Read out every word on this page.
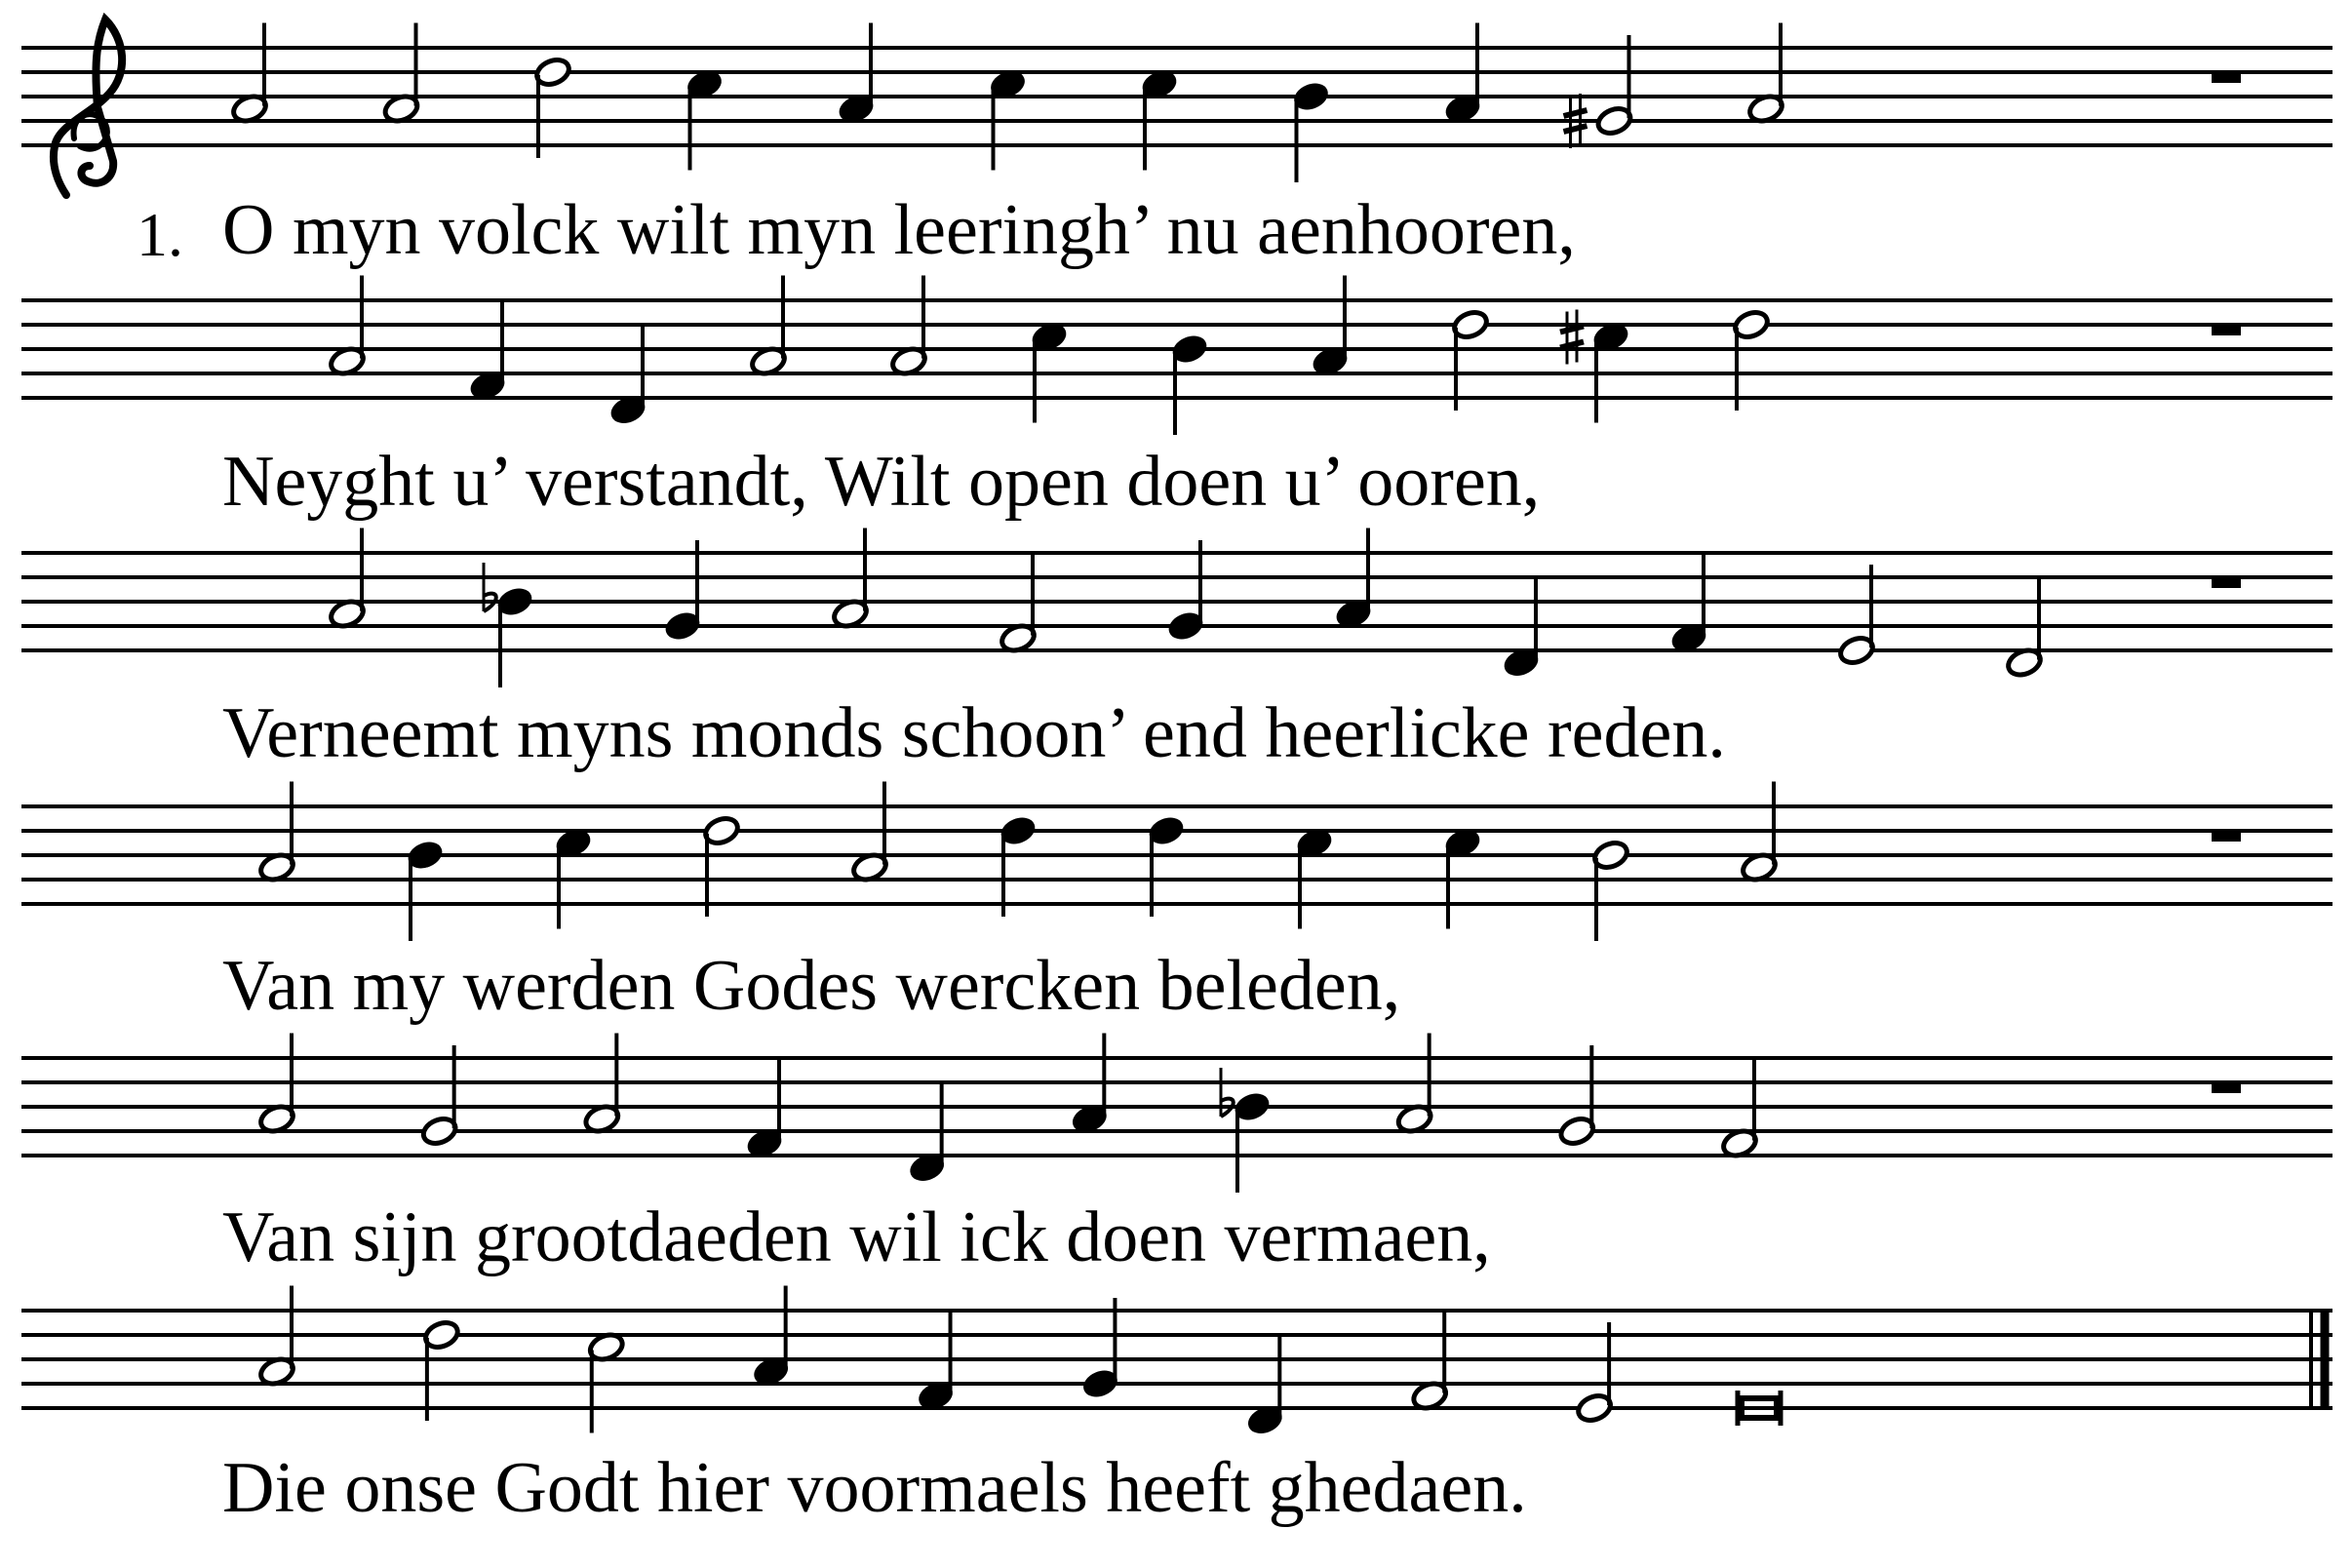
1. O myn volck wilt myn leeringh’ nu aenhooren,
Neyght u’ verstandt, Wilt open doen u’ ooren,
Verneemt myns monds schoon’ end heerlicke reden.
Van my werden Godes wercken beleden,
Van sijn grootdaeden wil ick doen vermaen,
Die onse Godt hier voormaels heeft ghedaen.
